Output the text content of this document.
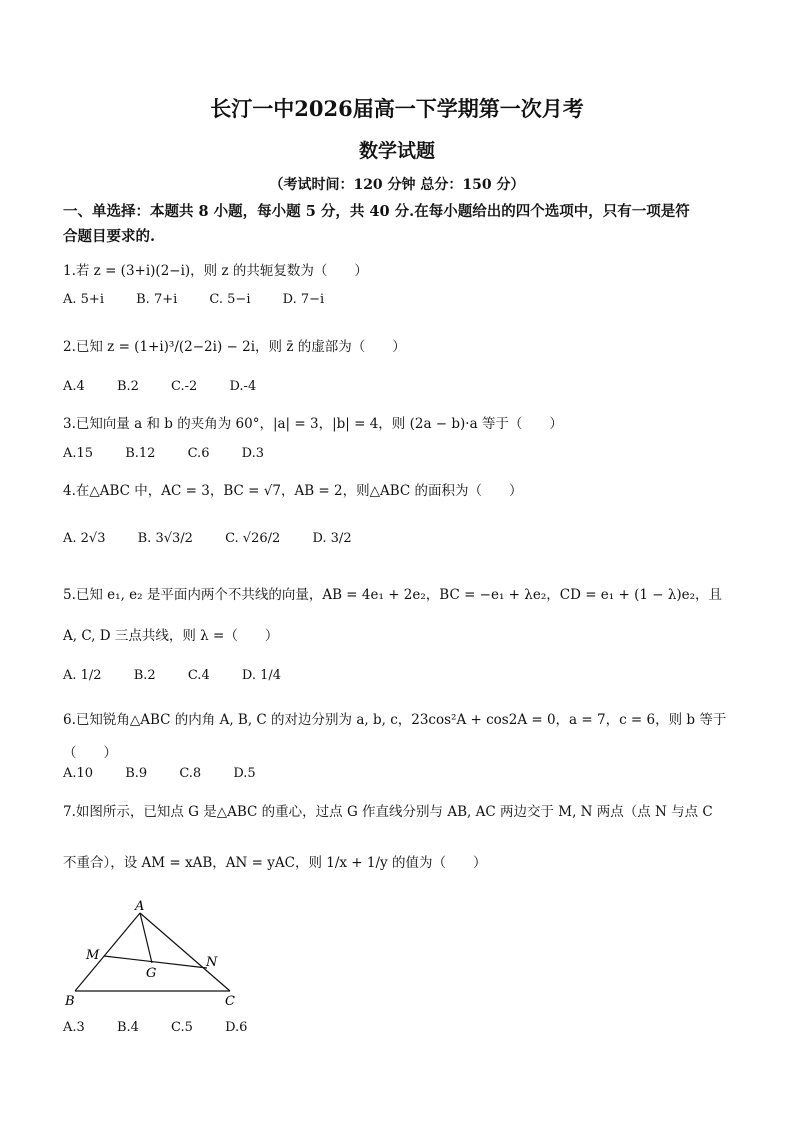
长汀一中2026届高一下学期第一次月考
数学试题
（考试时间：120 分钟 总分：150 分）
一、单选择：本题共 8 小题，每小题 5 分，共 40 分.在每小题给出的四个选项中，只有一项是符
合题目要求的.
1.若 z = (3+i)(2−i)，则 z 的共轭复数为（　　）
A. 5+i B. 7+i C. 5−i D. 7−i
2.已知 z = (1+i)³/(2−2i) − 2i，则 z̄ 的虚部为（　　）
A.4 B.2 C.-2 D.-4
3.已知向量 a 和 b 的夹角为 60°，|a| = 3，|b| = 4，则 (2a − b)·a 等于（　　）
A.15 B.12 C.6 D.3
4.在△ABC 中，AC = 3，BC = √7，AB = 2，则△ABC 的面积为（　　）
A. 2√3 B. 3√3/2 C. √26/2 D. 3/2
5.已知 e₁, e₂ 是平面内两个不共线的向量，AB = 4e₁ + 2e₂，BC = −e₁ + λe₂，CD = e₁ + (1 − λ)e₂，且
A, C, D 三点共线，则 λ =（　　）
A. 1/2 B.2 C.4 D. 1/4
6.已知锐角△ABC 的内角 A, B, C 的对边分别为 a, b, c，23cos²A + cos2A = 0，a = 7，c = 6，则 b 等于
（　　）
A.10 B.9 C.8 D.5
7.如图所示，已知点 G 是△ABC 的重心，过点 G 作直线分别与 AB, AC 两边交于 M, N 两点（点 N 与点 C
不重合），设 AM = xAB，AN = yAC，则 1/x + 1/y 的值为（　　）
A
B	C
M	N
G
A.3 B.4 C.5 D.6
